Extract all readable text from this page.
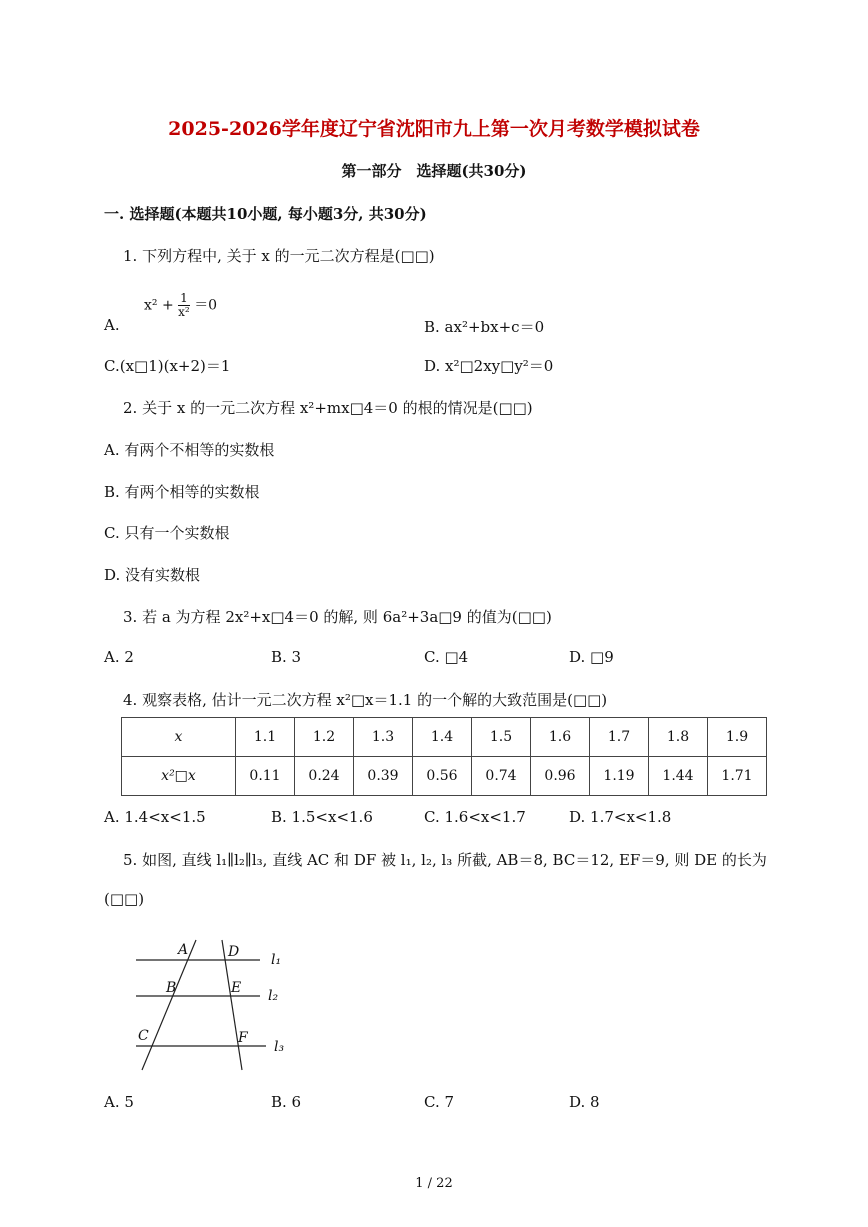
2025-2026学年度辽宁省沈阳市九上第一次月考数学模拟试卷
第一部分　选择题(共30分)
一. 选择题(本题共10小题, 每小题3分, 共30分)
1. 下列方程中, 关于 x 的一元二次方程是(□□)
$x^2 + \frac{1}{\text{x²}} =0$
A.	B. ax²+bx+c＝0
C.(x□1)(x+2)＝1	D. x²□2xy□y²＝0
2. 关于 x 的一元二次方程 x²+mx□4＝0 的根的情况是(□□)
A. 有两个不相等的实数根
B. 有两个相等的实数根
C. 只有一个实数根
D. 没有实数根
3. 若 a 为方程 2x²+x□4＝0 的解, 则 6a²+3a□9 的值为(□□)
A. 2	B. 3	C. □4	D. □9
4. 观察表格, 估计一元二次方程 x²□x＝1.1 的一个解的大致范围是(□□)
x	1.1	1.2	1.3	1.4	1.5	1.6	1.7	1.8	1.9
x²□x	0.11	0.24	0.39	0.56	0.74	0.96	1.19	1.44	1.71
A. 1.4<x<1.5	B. 1.5<x<1.6	C. 1.6<x<1.7	D. 1.7<x<1.8
5. 如图, 直线 l₁∥l₂∥l₃, 直线 AC 和 DF 被 l₁, l₂, l₃ 所截, AB＝8, BC＝12, EF＝9, 则 DE 的长为
(□□)
A	D
B	E
C	F
l₁
l₂
l₃
A. 5	B. 6	C. 7	D. 8
1 / 22
